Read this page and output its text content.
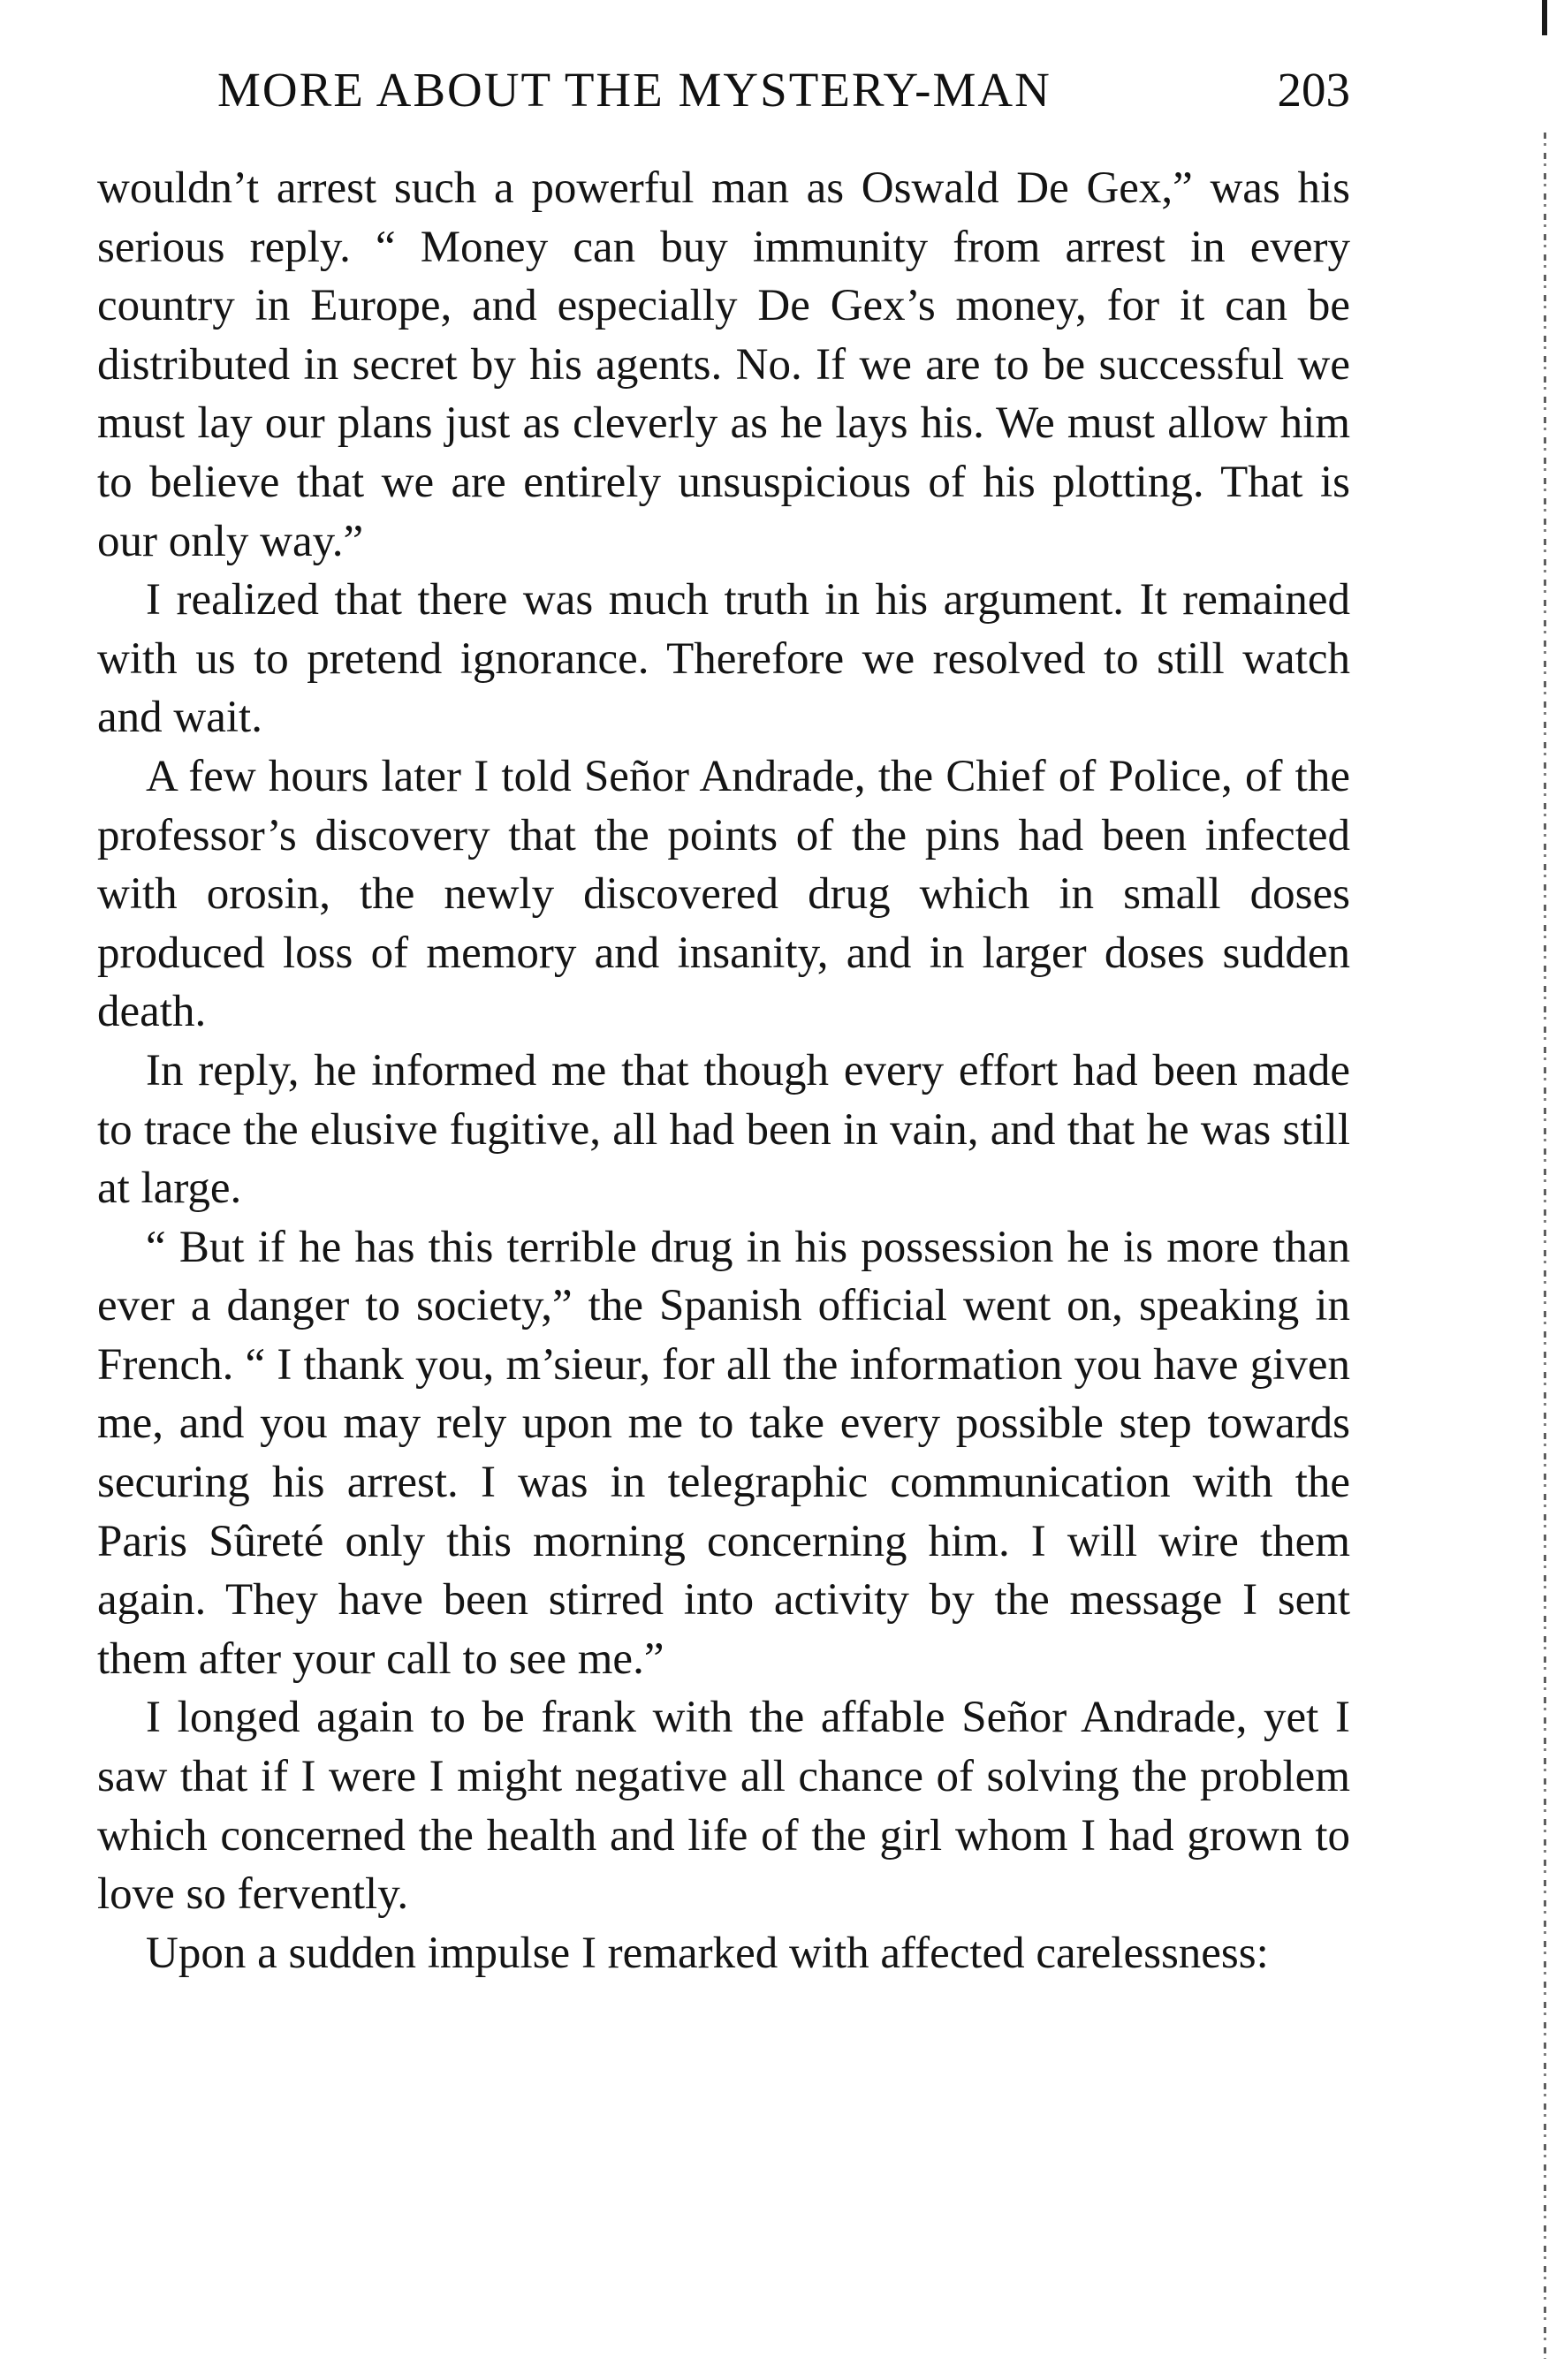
MORE ABOUT THE MYSTERY-MAN	203

wouldn’t arrest such a powerful man as Oswald De Gex,” was his serious reply. “ Money can buy immunity from arrest in every country in Europe, and especially De Gex’s money, for it can be distributed in secret by his agents. No. If we are to be successful we must lay our plans just as cleverly as he lays his. We must allow him to believe that we are entirely unsuspicious of his plotting. That is our only way.”

I realized that there was much truth in his argument. It remained with us to pretend ignorance. Therefore we resolved to still watch and wait.

A few hours later I told Señor Andrade, the Chief of Police, of the professor’s discovery that the points of the pins had been infected with orosin, the newly discovered drug which in small doses produced loss of memory and insanity, and in larger doses sudden death.

In reply, he informed me that though every effort had been made to trace the elusive fugitive, all had been in vain, and that he was still at large.

“ But if he has this terrible drug in his possession he is more than ever a danger to society,” the Spanish official went on, speaking in French. “ I thank you, m’sieur, for all the information you have given me, and you may rely upon me to take every possible step towards securing his arrest. I was in telegraphic communication with the Paris Sûreté only this morning concerning him. I will wire them again. They have been stirred into activity by the message I sent them after your call to see me.”

I longed again to be frank with the affable Señor Andrade, yet I saw that if I were I might negative all chance of solving the problem which concerned the health and life of the girl whom I had grown to love so fervently.

Upon a sudden impulse I remarked with affected carelessness:
